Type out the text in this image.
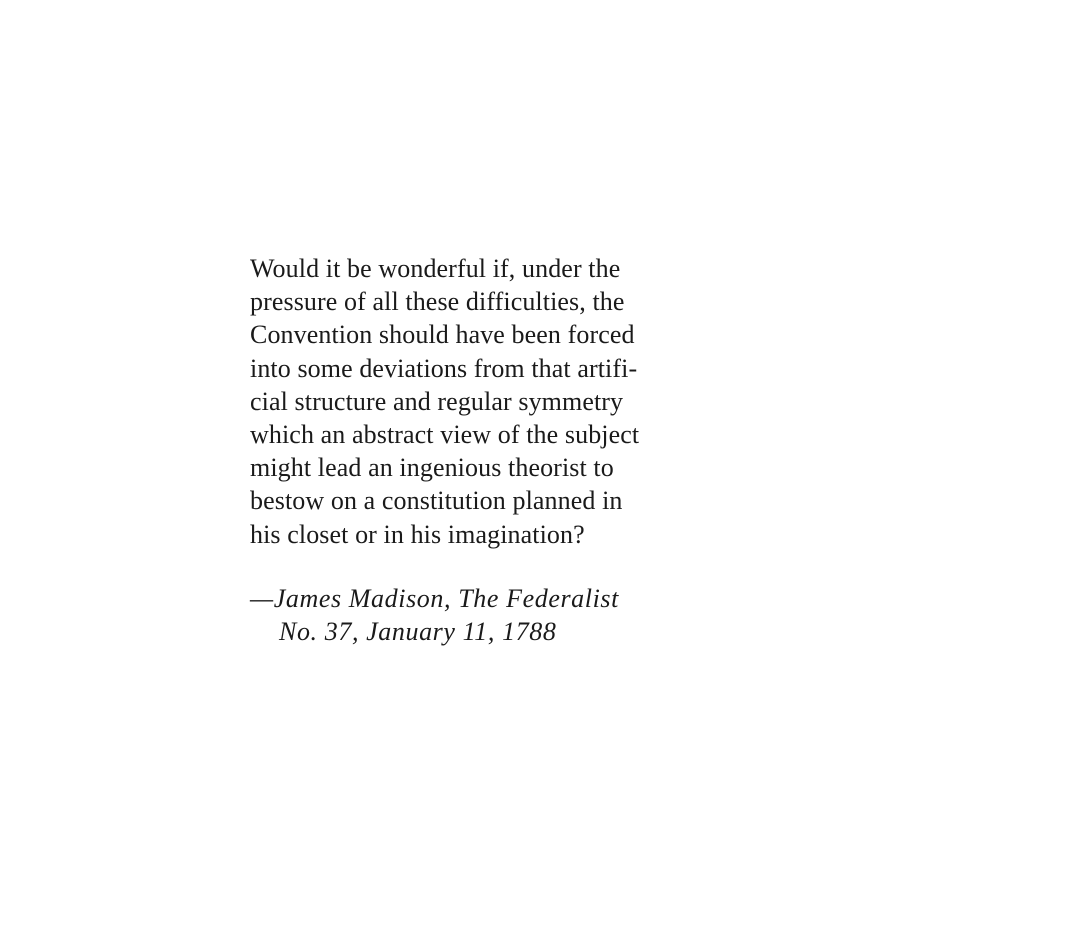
Would it be wonderful if, under the
pressure of all these difficulties, the
Convention should have been forced
into some deviations from that artifi-
cial structure and regular symmetry
which an abstract view of the subject
might lead an ingenious theorist to
bestow on a constitution planned in
his closet or in his imagination?
—James Madison, The Federalist
No. 37, January 11, 1788
